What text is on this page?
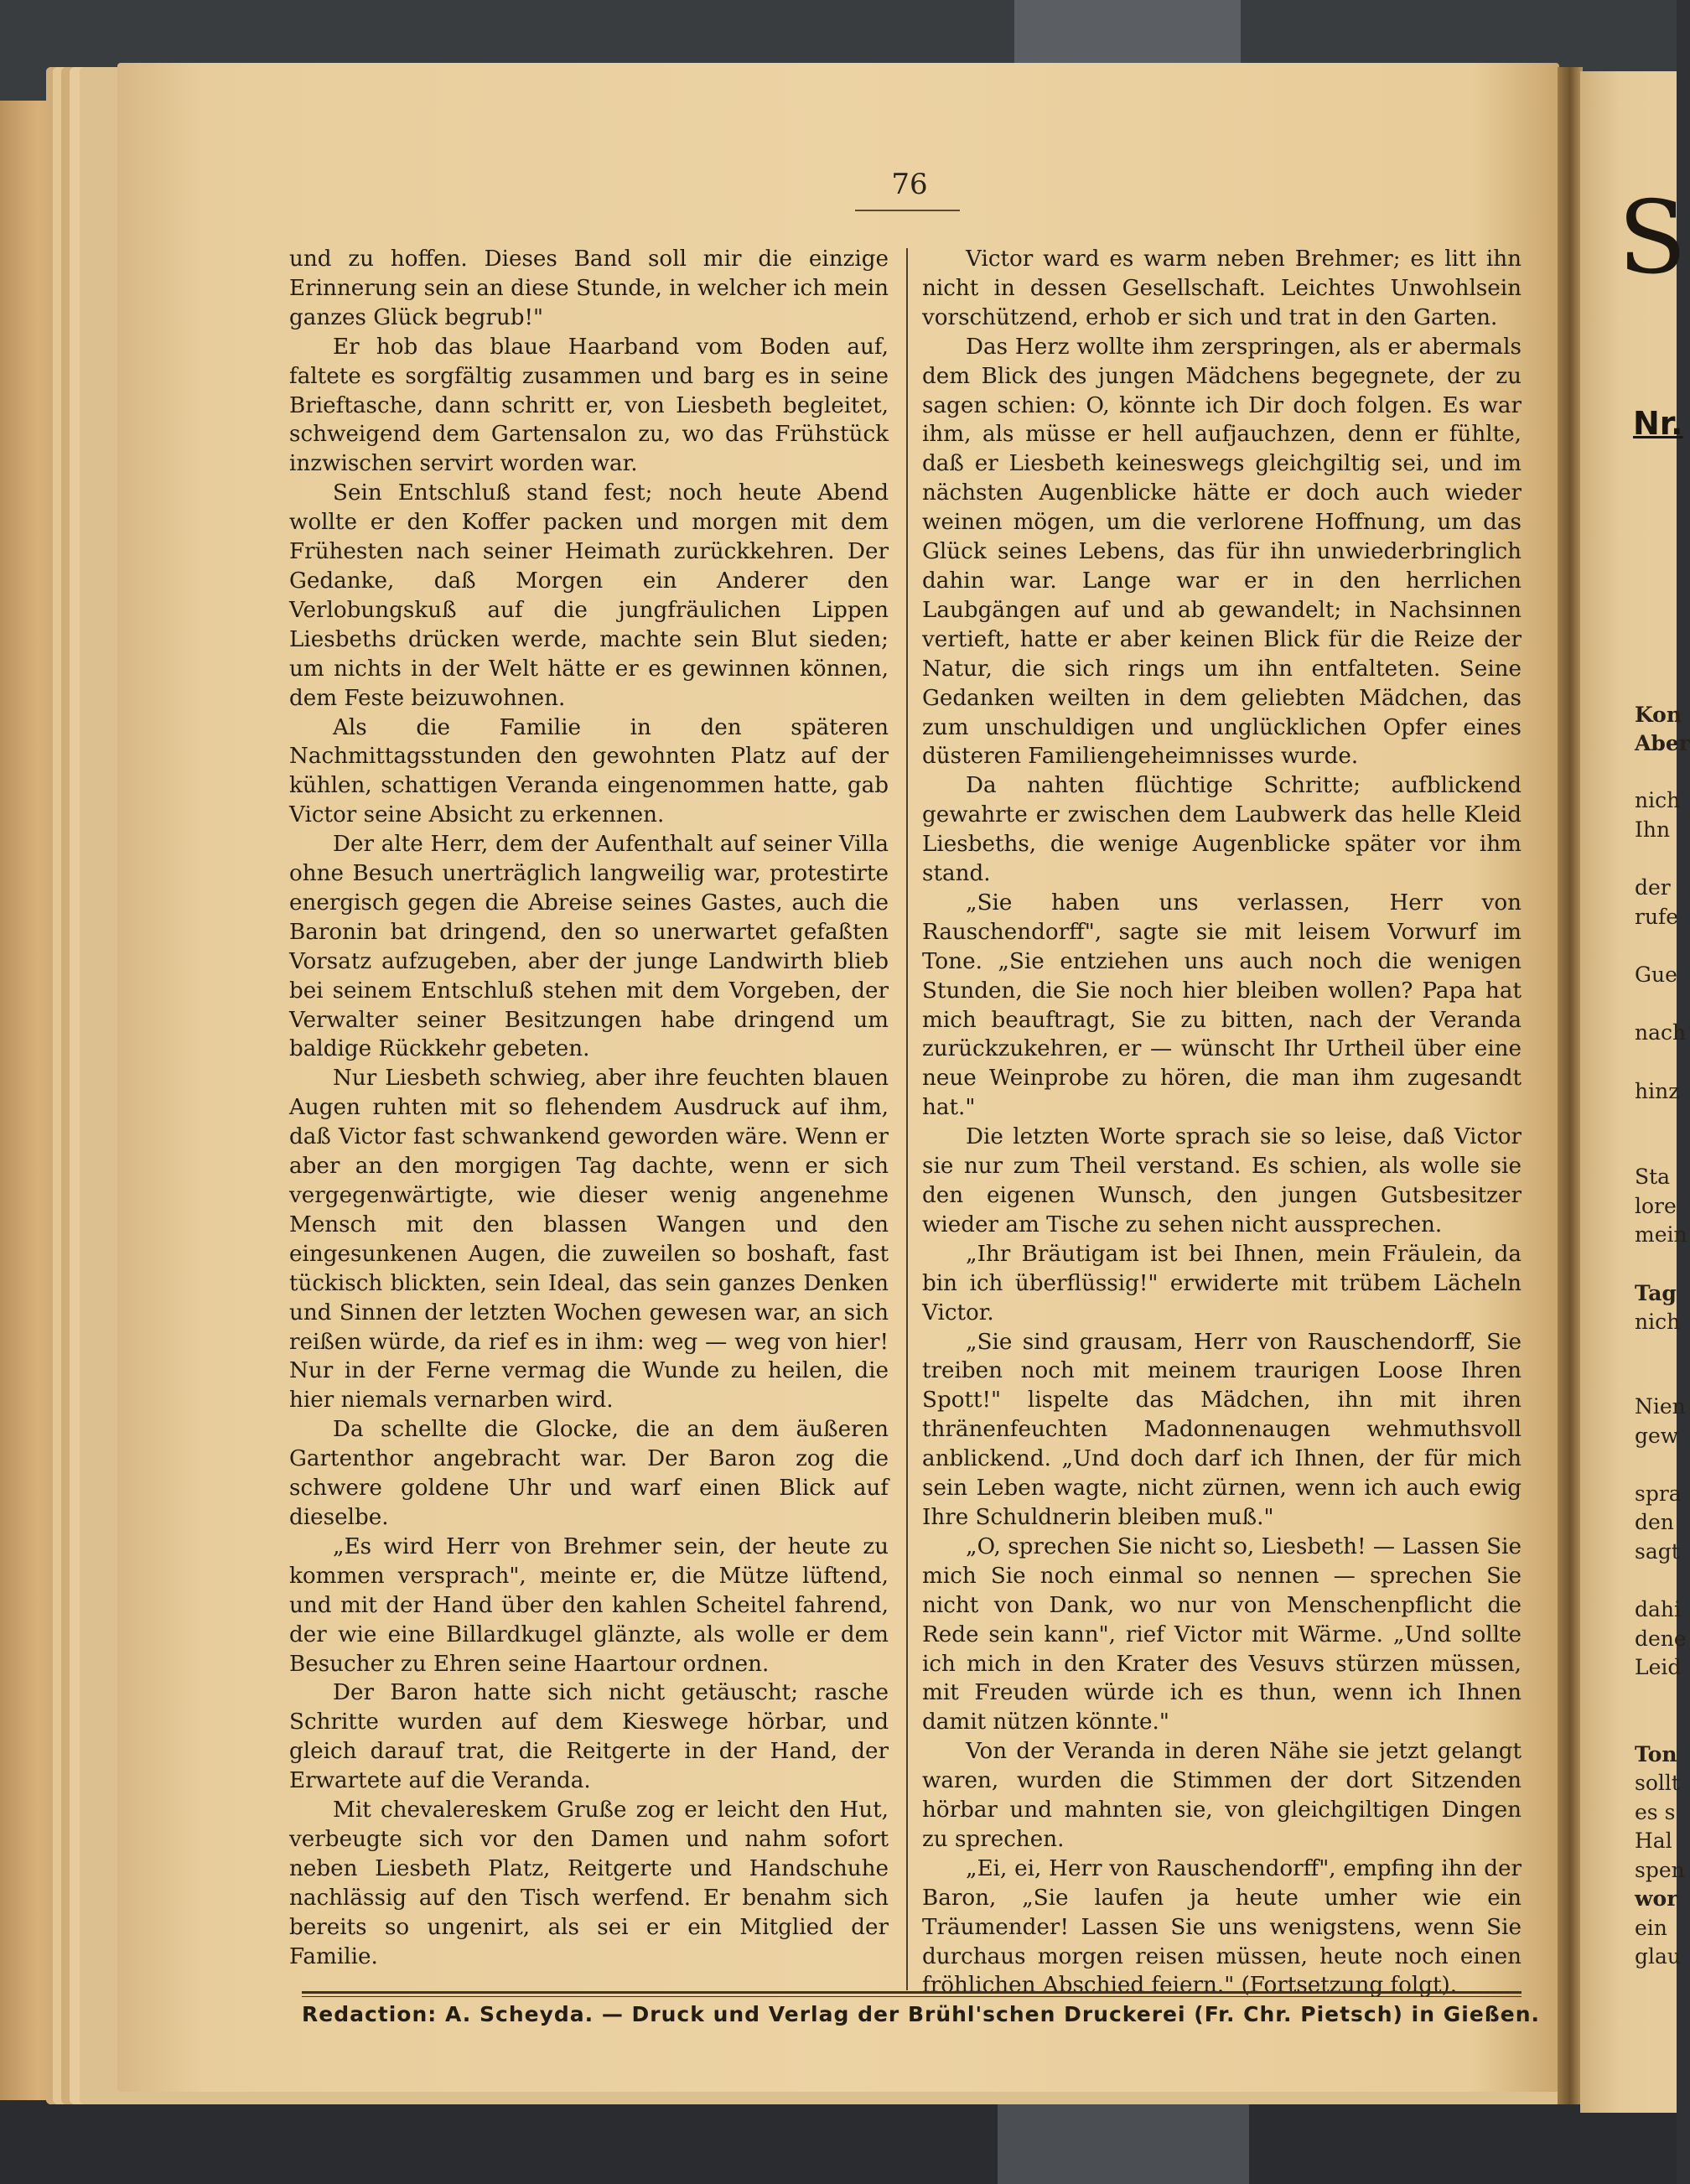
76

und zu hoffen. Dieses Band soll mir die einzige Erinnerung sein an diese Stunde, in welcher ich mein ganzes Glück begrub!"

Er hob das blaue Haarband vom Boden auf, faltete es sorgfältig zusammen und barg es in seine Brieftasche, dann schritt er, von Liesbeth begleitet, schweigend dem Gartensalon zu, wo das Frühstück inzwischen servirt worden war.

Sein Entschluß stand fest; noch heute Abend wollte er den Koffer packen und morgen mit dem Frühesten nach seiner Heimath zurückkehren. Der Gedanke, daß Morgen ein Anderer den Verlobungskuß auf die jungfräulichen Lippen Liesbeths drücken werde, machte sein Blut sieden; um nichts in der Welt hätte er es gewinnen können, dem Feste beizuwohnen.

Als die Familie in den späteren Nachmittagsstunden den gewohnten Platz auf der kühlen, schattigen Veranda eingenommen hatte, gab Victor seine Absicht zu erkennen.

Der alte Herr, dem der Aufenthalt auf seiner Villa ohne Besuch unerträglich langweilig war, protestirte energisch gegen die Abreise seines Gastes, auch die Baronin bat dringend, den so unerwartet gefaßten Vorsatz aufzugeben, aber der junge Landwirth blieb bei seinem Entschluß stehen mit dem Vorgeben, der Verwalter seiner Besitzungen habe dringend um baldige Rückkehr gebeten.

Nur Liesbeth schwieg, aber ihre feuchten blauen Augen ruhten mit so flehendem Ausdruck auf ihm, daß Victor fast schwankend geworden wäre. Wenn er aber an den morgigen Tag dachte, wenn er sich vergegenwärtigte, wie dieser wenig angenehme Mensch mit den blassen Wangen und den eingesunkenen Augen, die zuweilen so boshaft, fast tückisch blickten, sein Ideal, das sein ganzes Denken und Sinnen der letzten Wochen gewesen war, an sich reißen würde, da rief es in ihm: weg — weg von hier! Nur in der Ferne vermag die Wunde zu heilen, die hier niemals vernarben wird.

Da schellte die Glocke, die an dem äußeren Gartenthor angebracht war. Der Baron zog die schwere goldene Uhr und warf einen Blick auf dieselbe.

„Es wird Herr von Brehmer sein, der heute zu kommen versprach", meinte er, die Mütze lüftend, und mit der Hand über den kahlen Scheitel fahrend, der wie eine Billardkugel glänzte, als wolle er dem Besucher zu Ehren seine Haartour ordnen.

Der Baron hatte sich nicht getäuscht; rasche Schritte wurden auf dem Kieswege hörbar, und gleich darauf trat, die Reitgerte in der Hand, der Erwartete auf die Veranda.

Mit chevalereskem Gruße zog er leicht den Hut, verbeugte sich vor den Damen und nahm sofort neben Liesbeth Platz, Reitgerte und Handschuhe nachlässig auf den Tisch werfend. Er benahm sich bereits so ungenirt, als sei er ein Mitglied der Familie.

Victor ward es warm neben Brehmer; es litt ihn nicht in dessen Gesellschaft. Leichtes Unwohlsein vorschützend, erhob er sich und trat in den Garten.

Das Herz wollte ihm zerspringen, als er abermals dem Blick des jungen Mädchens begegnete, der zu sagen schien: O, könnte ich Dir doch folgen. Es war ihm, als müsse er hell aufjauchzen, denn er fühlte, daß er Liesbeth keineswegs gleichgiltig sei, und im nächsten Augenblicke hätte er doch auch wieder weinen mögen, um die verlorene Hoffnung, um das Glück seines Lebens, das für ihn unwiederbringlich dahin war. Lange war er in den herrlichen Laubgängen auf und ab gewandelt; in Nachsinnen vertieft, hatte er aber keinen Blick für die Reize der Natur, die sich rings um ihn entfalteten. Seine Gedanken weilten in dem geliebten Mädchen, das zum unschuldigen und unglücklichen Opfer eines düsteren Familiengeheimnisses wurde.

Da nahten flüchtige Schritte; aufblickend gewahrte er zwischen dem Laubwerk das helle Kleid Liesbeths, die wenige Augenblicke später vor ihm stand.

„Sie haben uns verlassen, Herr von Rauschendorff", sagte sie mit leisem Vorwurf im Tone. „Sie entziehen uns auch noch die wenigen Stunden, die Sie noch hier bleiben wollen? Papa hat mich beauftragt, Sie zu bitten, nach der Veranda zurückzukehren, er — wünscht Ihr Urtheil über eine neue Weinprobe zu hören, die man ihm zugesandt hat."

Die letzten Worte sprach sie so leise, daß Victor sie nur zum Theil verstand. Es schien, als wolle sie den eigenen Wunsch, den jungen Gutsbesitzer wieder am Tische zu sehen nicht aussprechen.

„Ihr Bräutigam ist bei Ihnen, mein Fräulein, da bin ich überflüssig!" erwiderte mit trübem Lächeln Victor.

„Sie sind grausam, Herr von Rauschendorff, Sie treiben noch mit meinem traurigen Loose Ihren Spott!" lispelte das Mädchen, ihn mit ihren thränenfeuchten Madonnenaugen wehmuthsvoll anblickend. „Und doch darf ich Ihnen, der für mich sein Leben wagte, nicht zürnen, wenn ich auch ewig Ihre Schuldnerin bleiben muß."

„O, sprechen Sie nicht so, Liesbeth! — Lassen Sie mich Sie noch einmal so nennen — sprechen Sie nicht von Dank, wo nur von Menschenpflicht die Rede sein kann", rief Victor mit Wärme. „Und sollte ich mich in den Krater des Vesuvs stürzen müssen, mit Freuden würde ich es thun, wenn ich Ihnen damit nützen könnte."

Von der Veranda in deren Nähe sie jetzt gelangt waren, wurden die Stimmen der dort Sitzenden hörbar und mahnten sie, von gleichgiltigen Dingen zu sprechen.

„Ei, ei, Herr von Rauschendorff", empfing ihn der Baron, „Sie laufen ja heute umher wie ein Träumender! Lassen Sie uns wenigstens, wenn Sie durchaus morgen reisen müssen, heute noch einen fröhlichen Abschied feiern." (Fortsetzung folgt).

Redaction: A. Scheyda. — Druck und Verlag der Brühl'schen Druckerei (Fr. Chr. Pietsch) in Gießen.
S
Nr.
Kon
Aber
nich
Ihn
der
rufe
Gue
nach
hinz
Sta
lore
mein
Tag
nich
Nien
gew
spra
den
sagt
dahi
dene
Leid
Ton
sollt
es s
Hal
spen
wor
ein
glau
